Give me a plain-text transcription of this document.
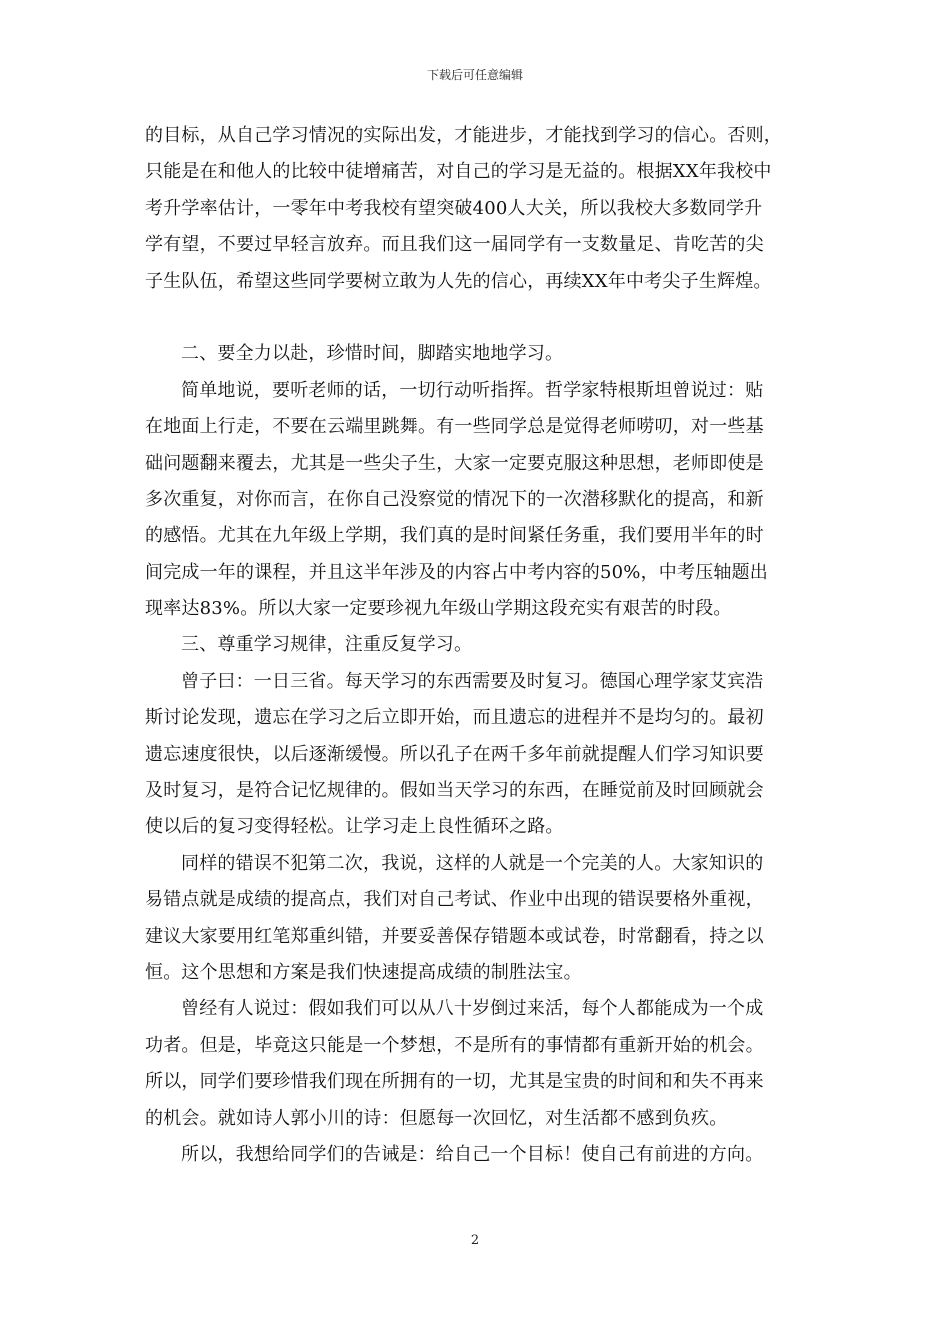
下载后可任意编辑
的目标，从自己学习情况的实际出发，才能进步，才能找到学习的信心。否则，
只能是在和他人的比较中徒增痛苦，对自己的学习是无益的。根据XX年我校中
考升学率估计，一零年中考我校有望突破400人大关，所以我校大多数同学升
学有望，不要过早轻言放弃。而且我们这一届同学有一支数量足、肯吃苦的尖
子生队伍，希望这些同学要树立敢为人先的信心，再续XX年中考尖子生辉煌。
二、要全力以赴，珍惜时间，脚踏实地地学习。
简单地说，要听老师的话，一切行动听指挥。哲学家特根斯坦曾说过：贴
在地面上行走，不要在云端里跳舞。有一些同学总是觉得老师唠叨，对一些基
础问题翻来覆去，尤其是一些尖子生，大家一定要克服这种思想，老师即使是
多次重复，对你而言，在你自己没察觉的情况下的一次潜移默化的提高，和新
的感悟。尤其在九年级上学期，我们真的是时间紧任务重，我们要用半年的时
间完成一年的课程，并且这半年涉及的内容占中考内容的50%，中考压轴题出
现率达83%。所以大家一定要珍视九年级山学期这段充实有艰苦的时段。
三、尊重学习规律，注重反复学习。
曾子曰：一日三省。每天学习的东西需要及时复习。德国心理学家艾宾浩
斯讨论发现，遗忘在学习之后立即开始，而且遗忘的进程并不是均匀的。最初
遗忘速度很快，以后逐渐缓慢。所以孔子在两千多年前就提醒人们学习知识要
及时复习，是符合记忆规律的。假如当天学习的东西，在睡觉前及时回顾就会
使以后的复习变得轻松。让学习走上良性循环之路。
同样的错误不犯第二次，我说，这样的人就是一个完美的人。大家知识的
易错点就是成绩的提高点，我们对自己考试、作业中出现的错误要格外重视，
建议大家要用红笔郑重纠错，并要妥善保存错题本或试卷，时常翻看，持之以
恒。这个思想和方案是我们快速提高成绩的制胜法宝。
曾经有人说过：假如我们可以从八十岁倒过来活，每个人都能成为一个成
功者。但是，毕竟这只能是一个梦想，不是所有的事情都有重新开始的机会。
所以，同学们要珍惜我们现在所拥有的一切，尤其是宝贵的时间和和失不再来
的机会。就如诗人郭小川的诗：但愿每一次回忆，对生活都不感到负疚。
所以，我想给同学们的告诫是：给自己一个目标！使自己有前进的方向。
2
